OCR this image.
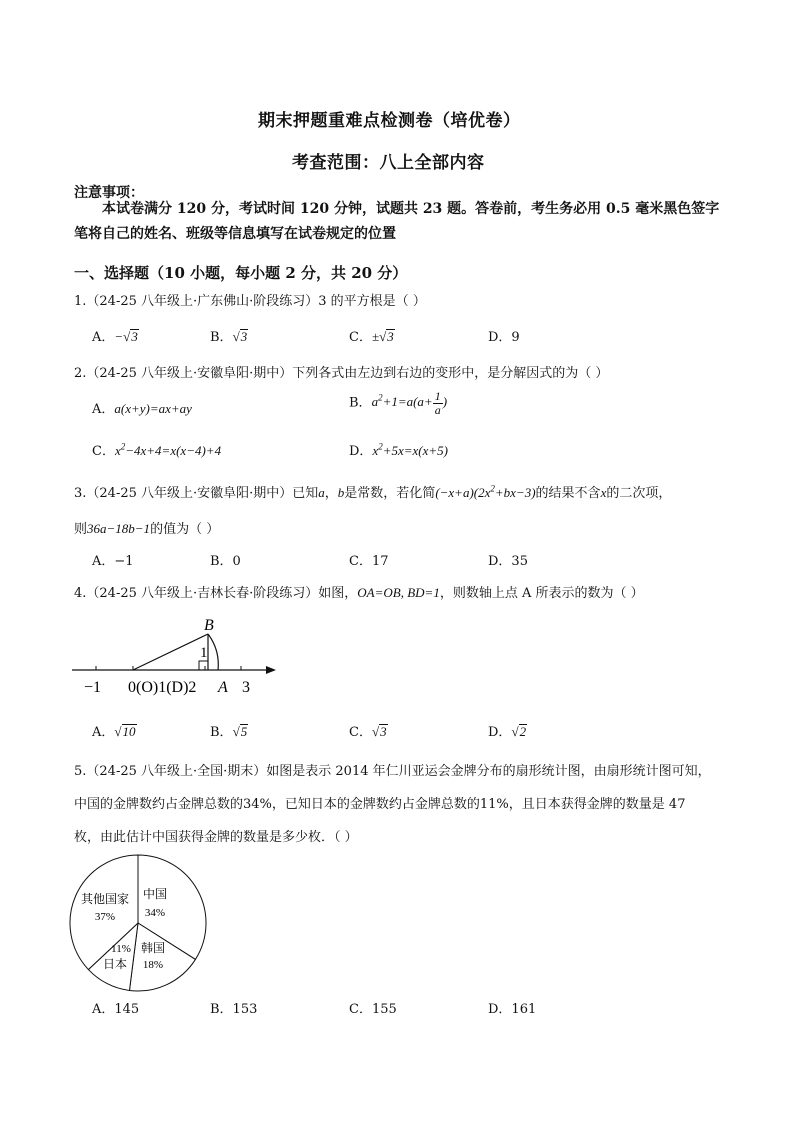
期末押题重难点检测卷（培优卷）
考查范围：八上全部内容
注意事项：
本试卷满分 120 分，考试时间 120 分钟，试题共 23 题。答卷前，考生务必用 0.5 毫米黑色签字笔将自己的姓名、班级等信息填写在试卷规定的位置
一、选择题（10 小题，每小题 2 分，共 20 分）
1.（24-25 八年级上·广东佛山·阶段练习）3 的平方根是（ ）
A．−√3	B．√3	C．±√3	D．9
2.（24-25 八年级上·安徽阜阳·期中）下列各式由左边到右边的变形中，是分解因式的为（ ）
A．a(x+y)=ax+ay	B．$a^2+1=a(a+ \frac{1}{a}$ )
C．$x^2-4x+4=x(x-4)+4$	D．$x^2+5x=x(x+5)$
3.（24-25 八年级上·安徽阜阳·期中）已知a，b是常数，若化简$(-x+a)(2x^2+bx-3)$的结果不含x的二次项，
则36a−18b−1的值为（ ）
A．−1	B．0	C．17	D．35
4.（24-25 八年级上·吉林长春·阶段练习）如图，OA=OB, BD=1，则数轴上点 A 所表示的数为（ ）
B
1
−1 0(O)1(D)2 A 3
A．√10	B．√5	C．√3	D．√2
5.（24-25 八年级上·全国·期末）如图是表示 2014 年仁川亚运会金牌分布的扇形统计图，由扇形统计图可知，
中国的金牌数约占金牌总数的34%，已知日本的金牌数约占金牌总数的11%，且日本获得金牌的数量是 47
枚，由此估计中国获得金牌的数量是多少枚．（ ）
中国
34%
韩国
18%
11%
日本
其他国家
37%
A．145	B．153	C．155	D．161
